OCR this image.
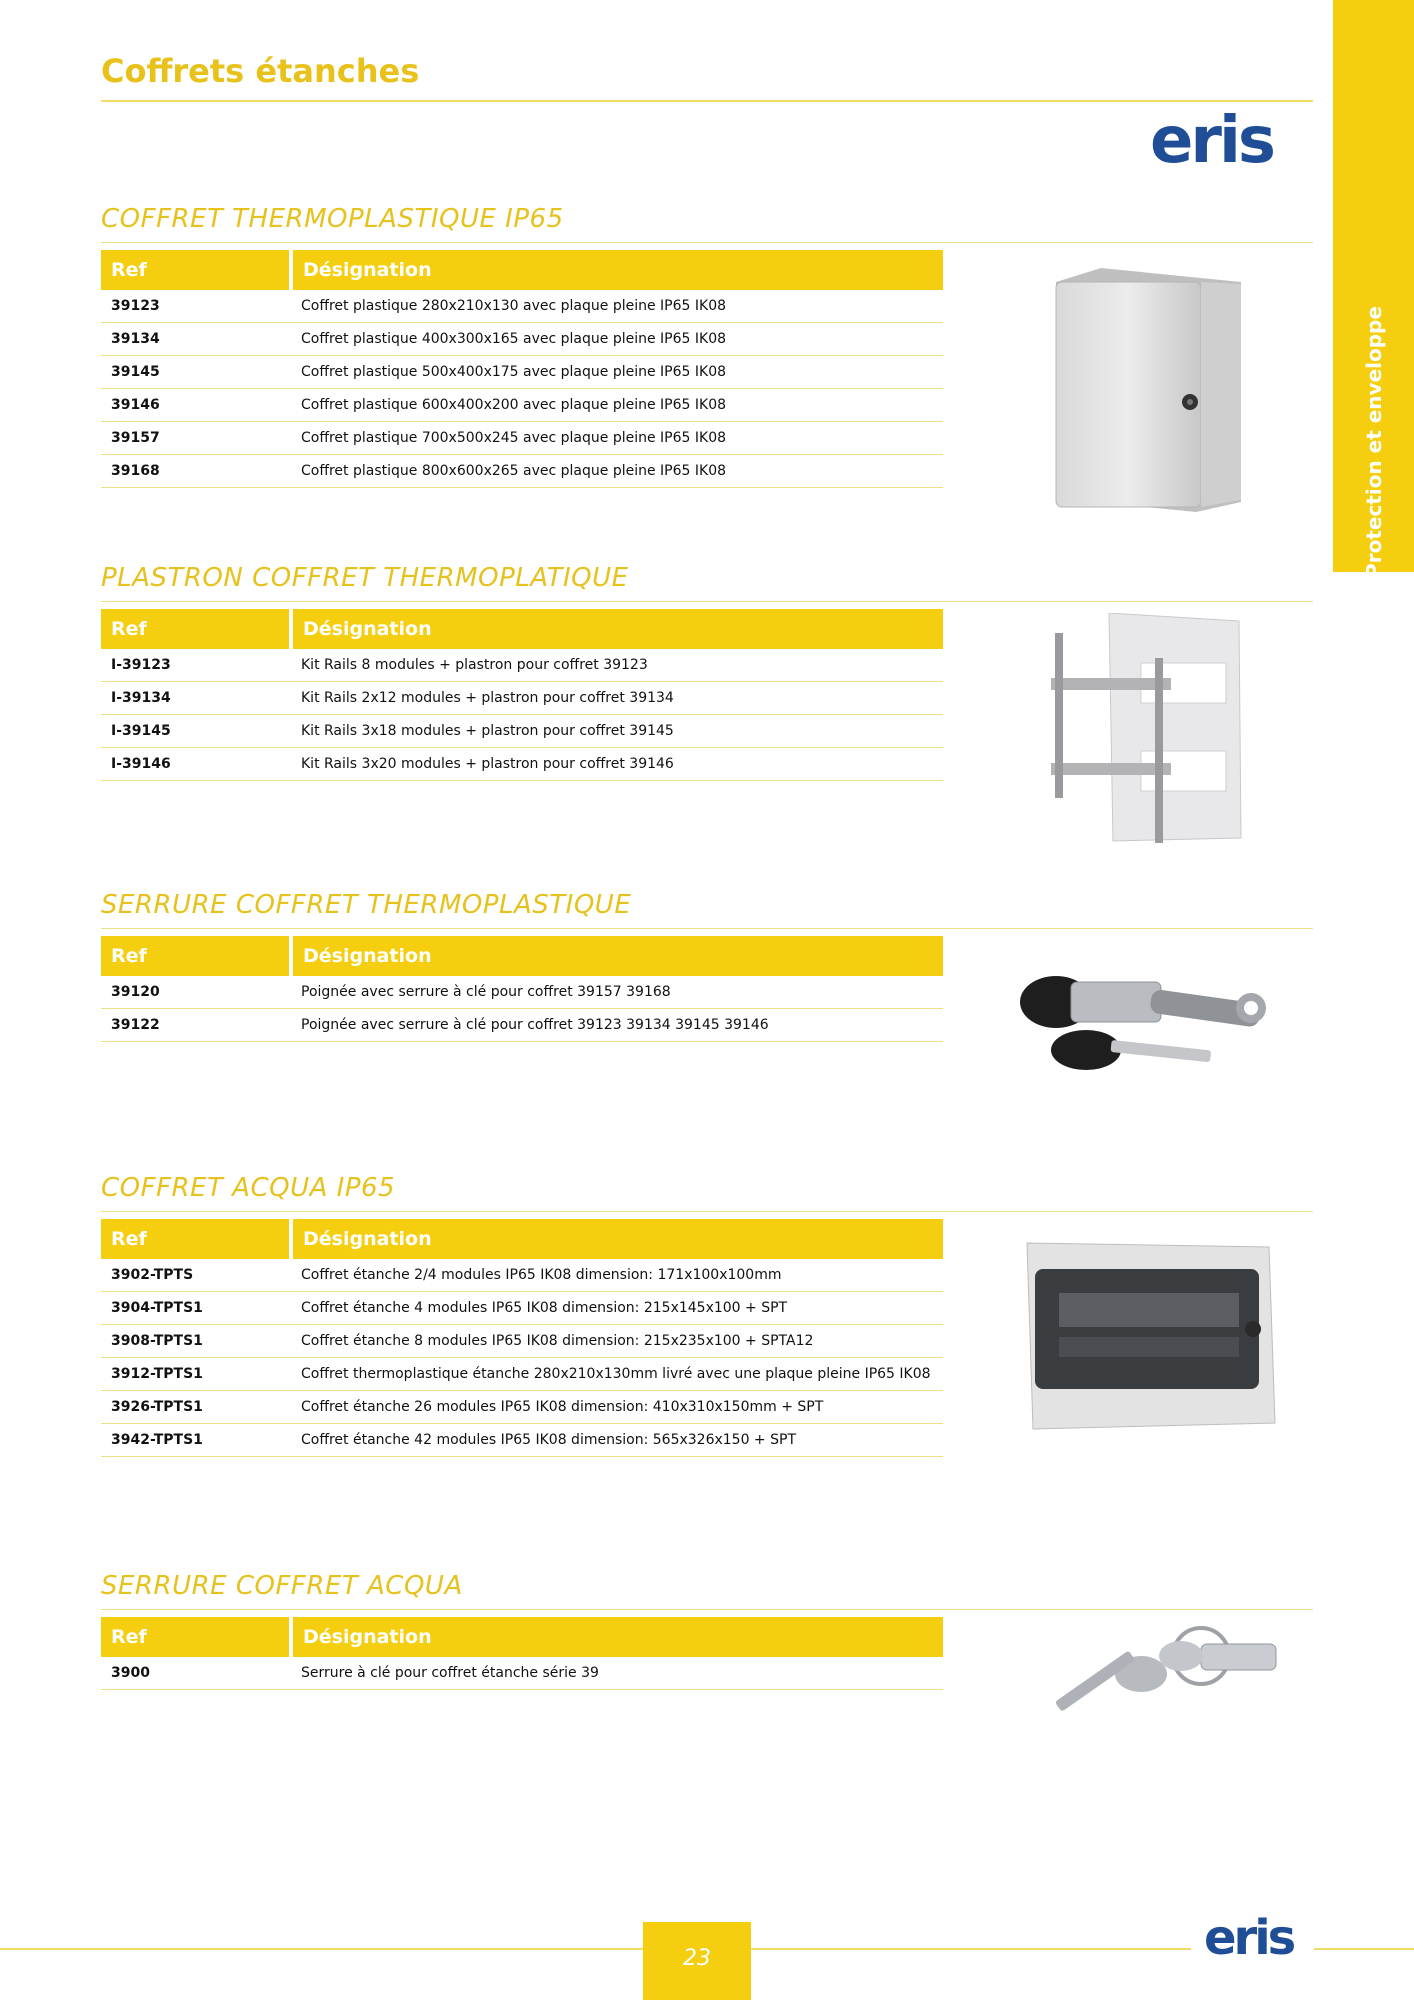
Coffrets étanches
Protection et enveloppe
eris
COFFRET THERMOPLASTIQUE IP65
Ref	Désignation
39123	Coffret plastique 280x210x130 avec plaque pleine IP65 IK08
39134	Coffret plastique 400x300x165 avec plaque pleine IP65 IK08
39145	Coffret plastique 500x400x175 avec plaque pleine IP65 IK08
39146	Coffret plastique 600x400x200 avec plaque pleine IP65 IK08
39157	Coffret plastique 700x500x245 avec plaque pleine IP65 IK08
39168	Coffret plastique 800x600x265 avec plaque pleine IP65 IK08
PLASTRON COFFRET THERMOPLATIQUE
Ref	Désignation
I-39123	Kit Rails 8 modules + plastron pour coffret 39123
I-39134	Kit Rails 2x12 modules + plastron pour coffret 39134
I-39145	Kit Rails 3x18 modules + plastron pour coffret 39145
I-39146	Kit Rails 3x20 modules + plastron pour coffret 39146
SERRURE COFFRET THERMOPLASTIQUE
Ref	Désignation
39120	Poignée avec serrure à clé pour coffret 39157 39168
39122	Poignée avec serrure à clé pour coffret 39123 39134 39145 39146
COFFRET ACQUA IP65
Ref	Désignation
3902-TPTS	Coffret étanche 2/4 modules IP65 IK08 dimension: 171x100x100mm
3904-TPTS1	Coffret étanche 4 modules IP65 IK08 dimension: 215x145x100 + SPT
3908-TPTS1	Coffret étanche 8 modules IP65 IK08 dimension: 215x235x100 + SPTA12
3912-TPTS1	Coffret thermoplastique étanche 280x210x130mm livré avec une plaque pleine IP65 IK08
3926-TPTS1	Coffret étanche 26 modules IP65 IK08 dimension: 410x310x150mm + SPT
3942-TPTS1	Coffret étanche 42 modules IP65 IK08 dimension: 565x326x150 + SPT
SERRURE COFFRET ACQUA
Ref	Désignation
3900	Serrure à clé pour coffret étanche série 39
23	eris
